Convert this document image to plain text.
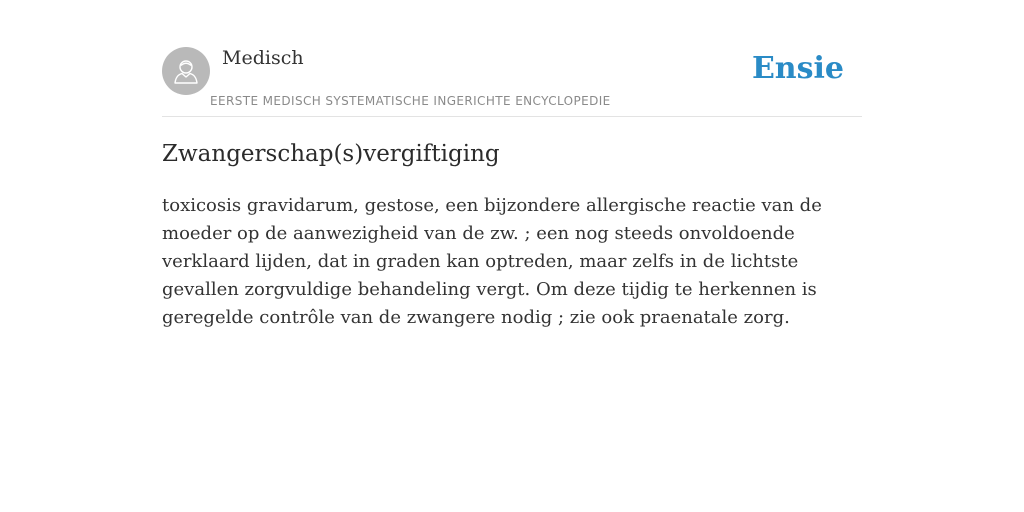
Medisch
EERSTE MEDISCH SYSTEMATISCHE INGERICHTE ENCYCLOPEDIE
Ensie
Zwangerschap(s)vergiftiging

toxicosis gravidarum, gestose, een bijzondere allergische reactie van de moeder op de aanwezigheid van de zw. ; een nog steeds onvoldoende verklaard lijden, dat in graden kan optreden, maar zelfs in de lichtste gevallen zorgvuldige behandeling vergt. Om deze tijdig te herkennen is geregelde contrôle van de zwangere nodig ; zie ook praenatale zorg.
